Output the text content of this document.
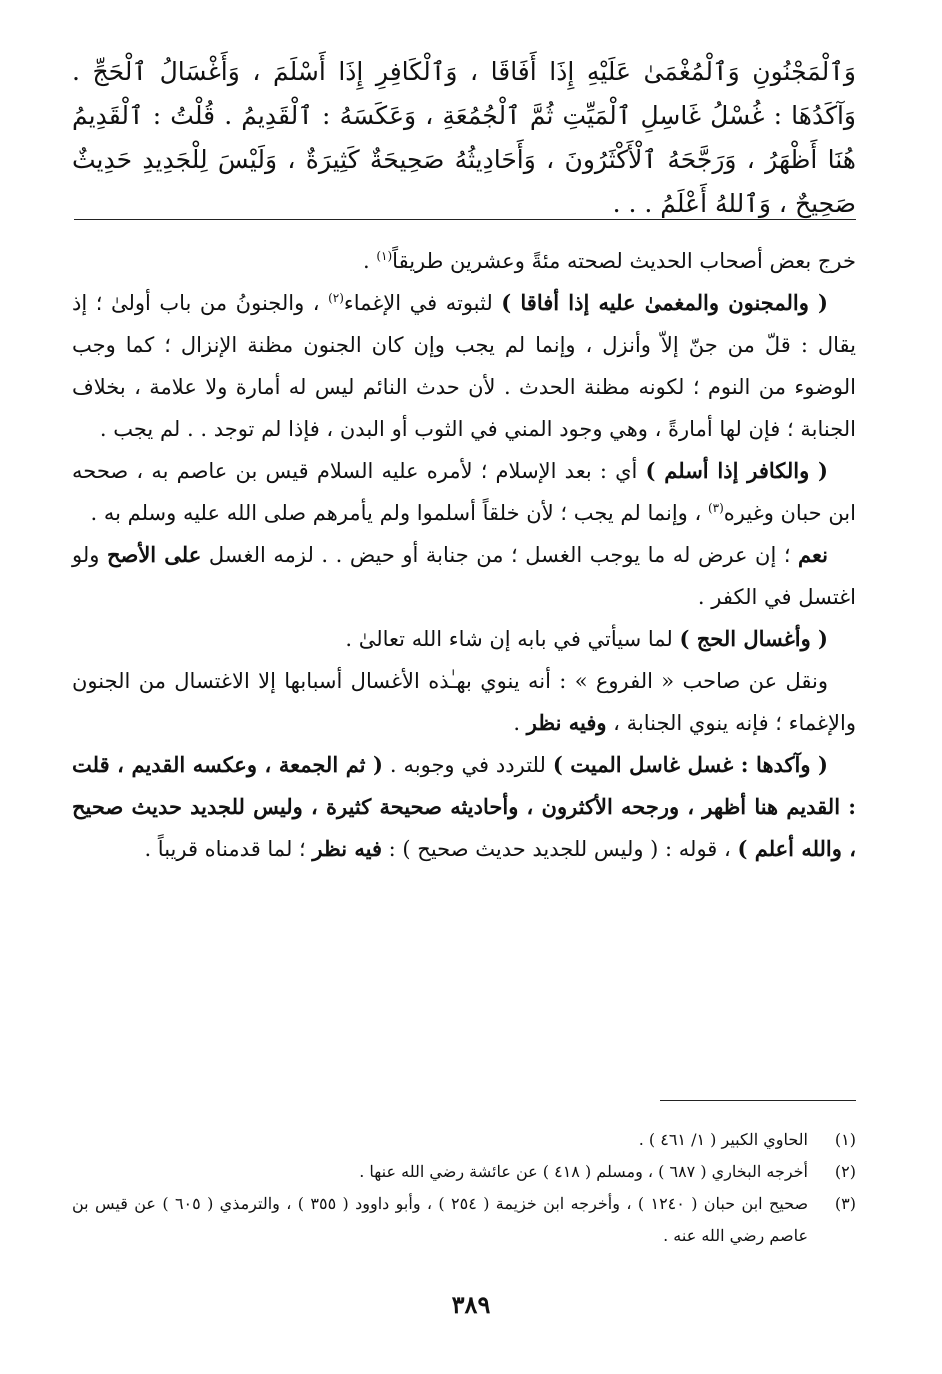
وَٱلْمَجْنُونِ وَٱلْمُغْمَىٰ عَلَيْهِ إِذَا أَفَاقَا ، وَٱلْكَافِرِ إِذَا أَسْلَمَ ، وَأَغْسَالُ ٱلْحَجِّ . وَآكَدُهَا : غُسْلُ غَاسِلِ ٱلْمَيِّتِ ثُمَّ ٱلْجُمُعَةِ ، وَعَكَسَهُ : ٱلْقَدِيمُ . قُلْتُ : ٱلْقَدِيمُ هُنَا أَظْهَرُ ، وَرَجَّحَهُ ٱلْأَكْثَرُونَ ، وَأَحَادِيثُهُ صَحِيحَةٌ كَثِيرَةٌ ، وَلَيْسَ لِلْجَدِيدِ حَدِيثٌ صَحِيحٌ ، وَٱللهُ أَعْلَمُ . . .

خرج بعض أصحاب الحديث لصحته مئةً وعشرين طريقاً$^{(١)}$ .

( والمجنون والمغمىٰ عليه إذا أفاقا ) لثبوته في الإغماء$^{(٢)}$ ، والجنونُ من باب أولىٰ ؛ إذ يقال : قلّ من جنّ إلاّ وأنزل ، وإنما لم يجب وإن كان الجنون مظنة الإنزال ؛ كما وجب الوضوء من النوم ؛ لكونه مظنة الحدث . لأن حدث النائم ليس له أمارة ولا علامة ، بخلاف الجنابة ؛ فإن لها أمارةً ، وهي وجود المني في الثوب أو البدن ، فإذا لم توجد . . لم يجب .

( والكافر إذا أسلم ) أي : بعد الإسلام ؛ لأمره عليه السلام قيس بن عاصم به ، صححه ابن حبان وغيره$^{(٣)}$ ، وإنما لم يجب ؛ لأن خلقاً أسلموا ولم يأمرهم صلى الله عليه وسلم به .

نعم ؛ إن عرض له ما يوجب الغسل ؛ من جنابة أو حيض . . لزمه الغسل على الأصح ولو اغتسل في الكفر .

( وأغسال الحج ) لما سيأتي في بابه إن شاء الله تعالىٰ .

ونقل عن صاحب « الفروع » : أنه ينوي بهـٰذه الأغسال أسبابها إلا الاغتسال من الجنون والإغماء ؛ فإنه ينوي الجنابة ، وفيه نظر .

( وآكدها : غسل غاسل الميت ) للتردد في وجوبه . ( ثم الجمعة ، وعكسه القديم ، قلت : القديم هنا أظهر ، ورجحه الأكثرون ، وأحاديثه صحيحة كثيرة ، وليس للجديد حديث صحيح ، والله أعلم ) ، قوله : ( وليس للجديد حديث صحيح ) : فيه نظر ؛ لما قدمناه قريباً .

(١)
الحاوي الكبير ( ١/ ٤٦١ ) .
(٢)
أخرجه البخاري ( ٦٨٧ ) ، ومسلم ( ٤١٨ ) عن عائشة رضي الله عنها .
(٣)
صحيح ابن حبان ( ١٢٤٠ ) ، وأخرجه ابن خزيمة ( ٢٥٤ ) ، وأبو داوود ( ٣٥٥ ) ، والترمذي ( ٦٠٥ ) عن قيس بن عاصم رضي الله عنه .
٣٨٩
